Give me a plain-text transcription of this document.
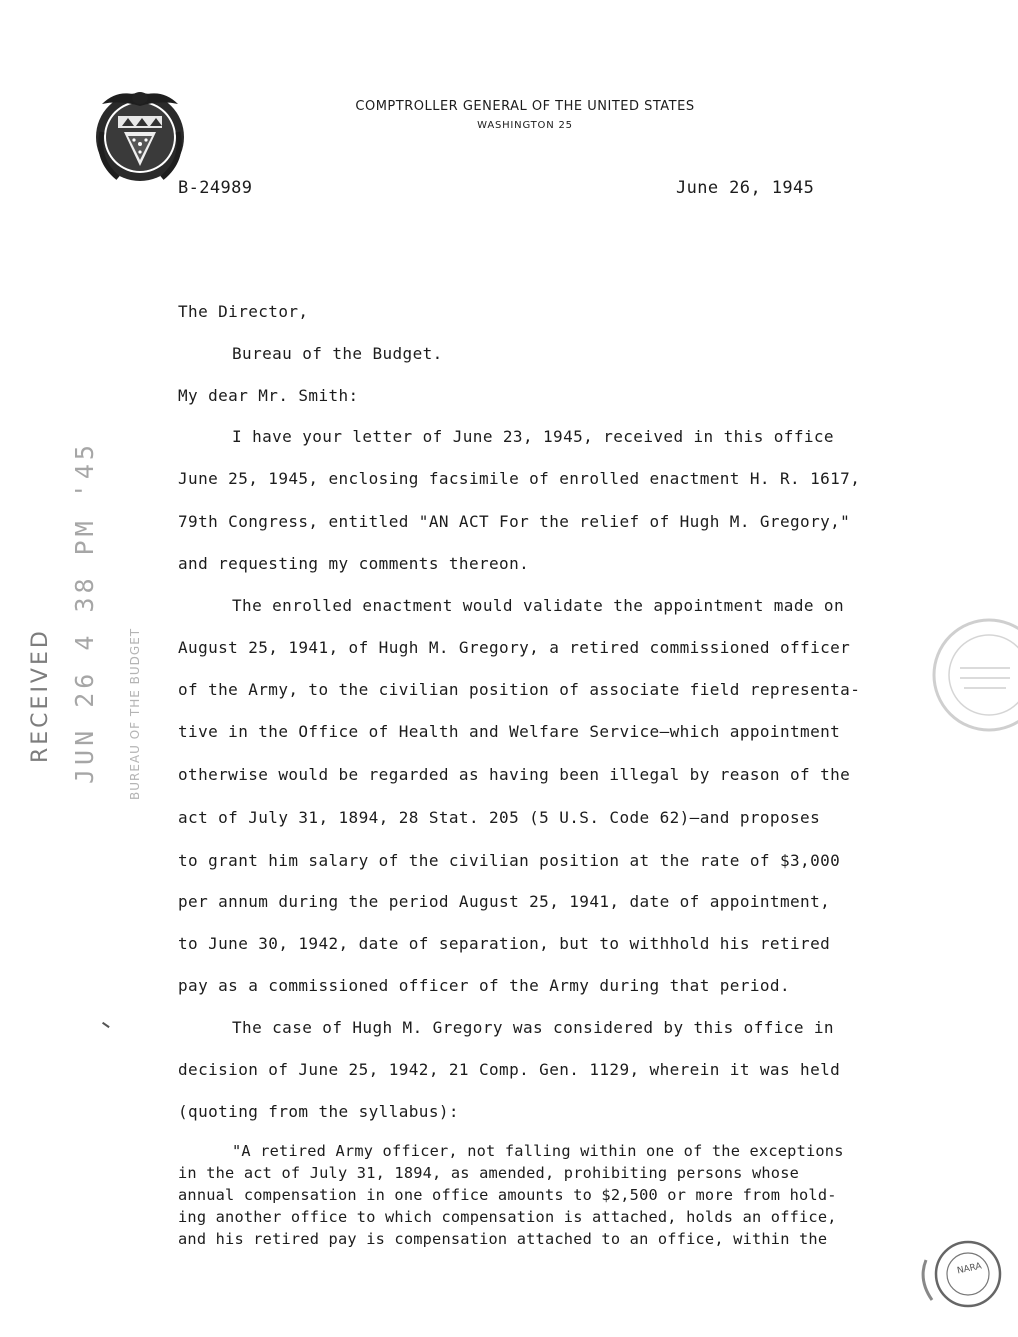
COMPTROLLER GENERAL OF THE UNITED STATES
WASHINGTON 25
B-24989	June 26, 1945
The Director,
Bureau of the Budget.
My dear Mr. Smith:
I have your letter of June 23, 1945, received in this office
June 25, 1945, enclosing facsimile of enrolled enactment H. R. 1617,
79th Congress, entitled "AN ACT For the relief of Hugh M. Gregory,"
and requesting my comments thereon.
The enrolled enactment would validate the appointment made on
August 25, 1941, of Hugh M. Gregory, a retired commissioned officer
of the Army, to the civilian position of associate field representa-
tive in the Office of Health and Welfare Service—which appointment
otherwise would be regarded as having been illegal by reason of the
act of July 31, 1894, 28 Stat. 205 (5 U.S. Code 62)—and proposes
to grant him salary of the civilian position at the rate of $3,000
per annum during the period August 25, 1941, date of appointment,
to June 30, 1942, date of separation, but to withhold his retired
pay as a commissioned officer of the Army during that period.
The case of Hugh M. Gregory was considered by this office in
decision of June 25, 1942, 21 Comp. Gen. 1129, wherein it was held
(quoting from the syllabus):
"A retired Army officer, not falling within one of the exceptions
in the act of July 31, 1894, as amended, prohibiting persons whose
annual compensation in one office amounts to $2,500 or more from hold-
ing another office to which compensation is attached, holds an office,
and his retired pay is compensation attached to an office, within the
RECEIVED JUN 26 4 38 PM '45 BUREAU OF THE BUDGET
NARA
